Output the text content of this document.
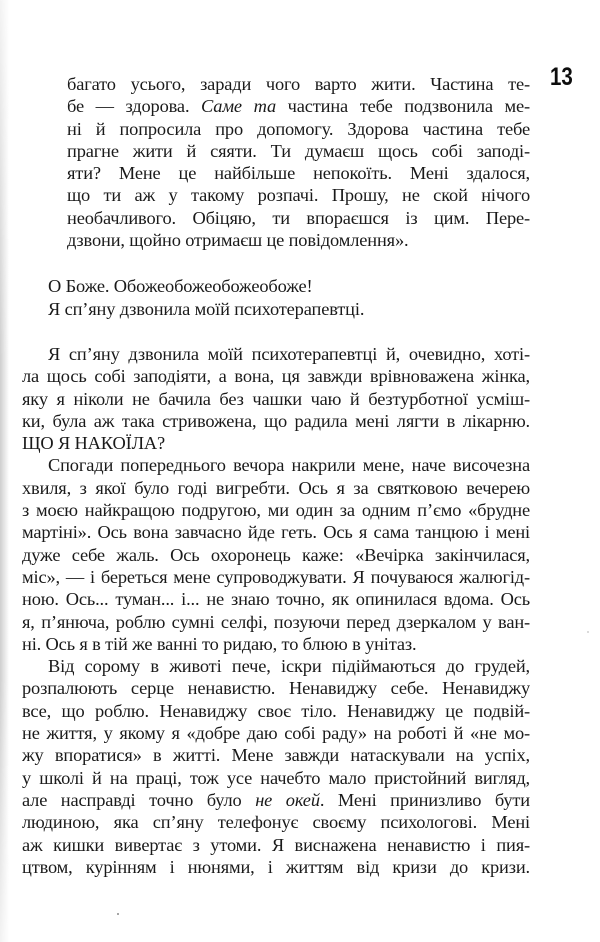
13
багато усього, заради чого варто жити. Частина те-
бе — здорова. Саме та частина тебе подзвонила ме-
ні й попросила про допомогу. Здорова частина тебе
прагне жити й сяяти. Ти думаєш щось собі заподі-
яти? Мене це найбільше непокоїть. Мені здалося,
що ти аж у такому розпачі. Прошу, не ской нічого
необачливого. Обіцяю, ти впораєшся із цим. Пере-
дзвони, щойно отримаєш це повідомлення».
О Боже. Обожеобожеобожеобоже!
Я сп’яну дзвонила моїй психотерапевтці.
Я сп’яну дзвонила моїй психотерапевтці й, очевидно, хоті-
ла щось собі заподіяти, а вона, ця завжди врівноважена жінка,
яку я ніколи не бачила без чашки чаю й безтурботної усміш-
ки, була аж така стривожена, що радила мені лягти в лікарню.
ЩО Я НАКОЇЛА?
Спогади попереднього вечора накрили мене, наче височезна
хвиля, з якої було годі вигребти. Ось я за святковою вечерею
з моєю найкращою подругою, ми один за одним п’ємо «брудне
мартіні». Ось вона завчасно йде геть. Ось я сама танцюю і мені
дуже себе жаль. Ось охоронець каже: «Вечірка закінчилася,
міс», — і береться мене супроводжувати. Я почуваюся жалюгід-
ною. Ось... туман... і... не знаю точно, як опинилася вдома. Ось
я, п’янюча, роблю сумні селфі, позуючи перед дзеркалом у ван-
ні. Ось я в тій же ванні то ридаю, то блюю в унітаз.
Від сорому в животі пече, іскри підіймаються до грудей,
розпалюють серце ненавистю. Ненавиджу себе. Ненавиджу
все, що роблю. Ненавиджу своє тіло. Ненавиджу це подвій-
не життя, у якому я «добре даю собі раду» на роботі й «не мо-
жу впоратися» в житті. Мене завжди натаскували на успіх,
у школі й на праці, тож усе начебто мало пристойний вигляд,
але насправді точно було не окей. Мені принизливо бути
людиною, яка сп’яну телефонує своєму психологові. Мені
аж кишки вивертає з утоми. Я виснажена ненавистю і пия-
цтвом, курінням і нюнями, і життям від кризи до кризи.
